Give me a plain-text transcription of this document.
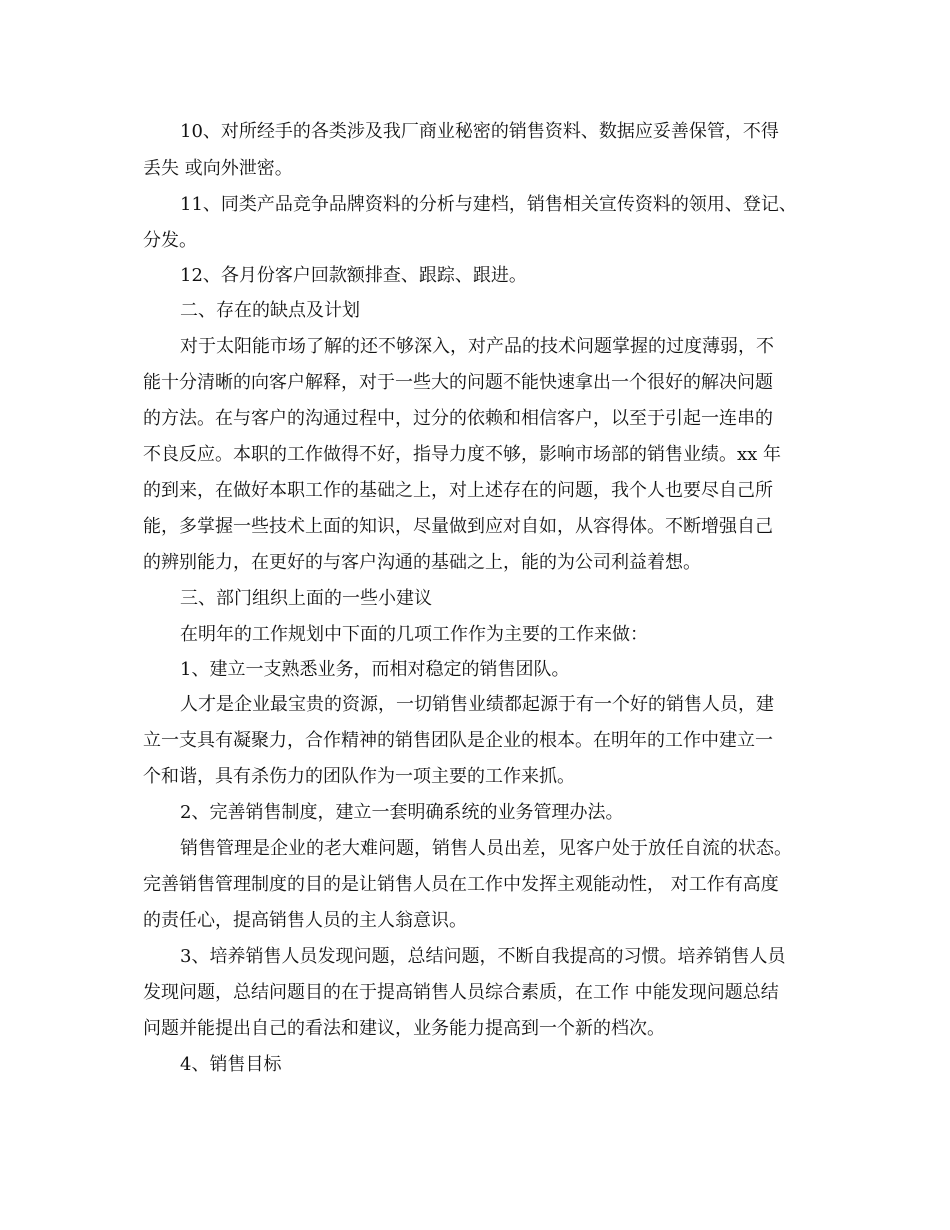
10、对所经手的各类涉及我厂商业秘密的销售资料、数据应妥善保管，不得
丢失 或向外泄密。
11、同类产品竞争品牌资料的分析与建档，销售相关宣传资料的领用、登记、
分发。
12、各月份客户回款额排查、跟踪、跟进。
二、存在的缺点及计划
对于太阳能市场了解的还不够深入，对产品的技术问题掌握的过度薄弱，不
能十分清晰的向客户解释，对于一些大的问题不能快速拿出一个很好的解决问题
的方法。在与客户的沟通过程中，过分的依赖和相信客户，以至于引起一连串的
不良反应。本职的工作做得不好，指导力度不够，影响市场部的销售业绩。xx 年
的到来，在做好本职工作的基础之上，对上述存在的问题，我个人也要尽自己所
能，多掌握一些技术上面的知识，尽量做到应对自如，从容得体。不断增强自己
的辨别能力，在更好的与客户沟通的基础之上，能的为公司利益着想。
三、部门组织上面的一些小建议
在明年的工作规划中下面的几项工作作为主要的工作来做：
1、建立一支熟悉业务，而相对稳定的销售团队。
人才是企业最宝贵的资源，一切销售业绩都起源于有一个好的销售人员，建
立一支具有凝聚力，合作精神的销售团队是企业的根本。在明年的工作中建立一
个和谐，具有杀伤力的团队作为一项主要的工作来抓。
2、完善销售制度，建立一套明确系统的业务管理办法。
销售管理是企业的老大难问题，销售人员出差，见客户处于放任自流的状态。
完善销售管理制度的目的是让销售人员在工作中发挥主观能动性， 对工作有高度
的责任心，提高销售人员的主人翁意识。
3、培养销售人员发现问题，总结问题，不断自我提高的习惯。培养销售人员
发现问题，总结问题目的在于提高销售人员综合素质，在工作 中能发现问题总结
问题并能提出自己的看法和建议，业务能力提高到一个新的档次。
4、销售目标
